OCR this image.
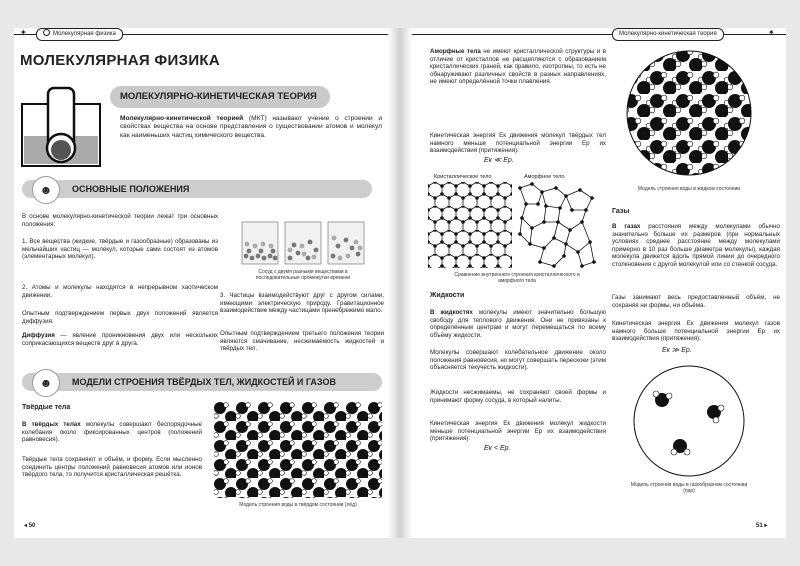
✦	Молекулярная физика
МОЛЕКУЛЯРНАЯ ФИЗИКА
МОЛЕКУЛЯРНО-КИНЕТИЧЕСКАЯ ТЕОРИЯ
Молекулярно-кинетической теорией (МКТ) называют учение о строении и свойствах вещества на основе представления о существовании атомов и молекул как наименьших частиц химического вещества.
☻	ОСНОВНЫЕ ПОЛОЖЕНИЯ
В основе молекулярно-кинетической теории лежат три основных положения:
1. Все вещества (жидкие, твёрдые и газообразные) образованы из мельчайших частиц — молекул, которые сами состоят из атомов (элементарных молекул).
2. Атомы и молекулы находятся в непрерывном хаотическом движении.
Опытным подтверждением первых двух положений является диффузия.
Диффузия — явление проникновения двух или нескольких соприкасающихся веществ друг в друга.
Сосуд с двумя разными веществами в последовательные промежутки времени
3. Частицы взаимодействуют друг с другом силами, имеющими электрическую природу. Гравитационное взаимодействие между частицами пренебрежимо мало.
Опытным подтверждением третьего положения теории являются смачивание, несжимаемость жидкостей и твёрдых тел.
☻	МОДЕЛИ СТРОЕНИЯ ТВЁРДЫХ ТЕЛ, ЖИДКОСТЕЙ И ГАЗОВ
Твёрдые тела
В твёрдых телах молекулы совершают беспорядочные колебания около фиксированных центров (положений равновесия).
Твёрдые тела сохраняют и объём, и форму. Если мысленно соединить центры положений равновесия атомов или ионов твёрдого тела, то получится кристаллическая решётка.
Модель строения воды в твёрдом состоянии (лёд)
◂ 50
Молекулярно-кинетическая теория	✦
Аморфные тела не имеют кристаллической структуры и в отличие от кристаллов не расщепляются с образованием кристаллических граней, как правило, изотропны, то есть не обнаруживают различных свойств в разных направлениях, не имеют определённой точки плавления.
Кинетическая энергия Eк движения молекул твёрдых тел намного меньше потенциальной энергии Eр их взаимодействия (притяжения):
Eк ≪ Eр.
Кристаллическое тело	Аморфное тело
Сравнение внутреннего строения кристаллического и аморфного тела
Модель строения воды в жидком состоянии
Жидкости
В жидкостях молекулы имеют значительно большую свободу для теплового движения. Они не привязаны к определённым центрам и могут перемещаться по всему объёму жидкости.
Молекулы совершают колебательное движение около положения равновесия, но могут совершать перескоки (этим объясняется текучесть жидкости).
Жидкости несжимаемы, не сохраняют своей формы и принимают форму сосуда, в который налиты.
Кинетическая энергия Eк движения молекул жидкости меньше потенциальной энергии Eр их взаимодействия (притяжения):
Eк < Eр.
Газы
В газах расстояния между молекулами обычно значительно больше их размеров (при нормальных условиях среднее расстояние между молекулами примерно в 10 раз больше диаметра молекулы), каждая молекула движется вдоль прямой линии до очередного столкновения с другой молекулой или со стенкой сосуда.
Газы занимают весь предоставленный объём, не сохраняя ни формы, ни объёма.
Кинетическая энергия Eк движения молекул газов намного больше потенциальной энергии Eр их взаимодействия (притяжения):
Eк ≫ Eр.
Модель строения воды в газообразном состоянии (пар)
51 ▸
